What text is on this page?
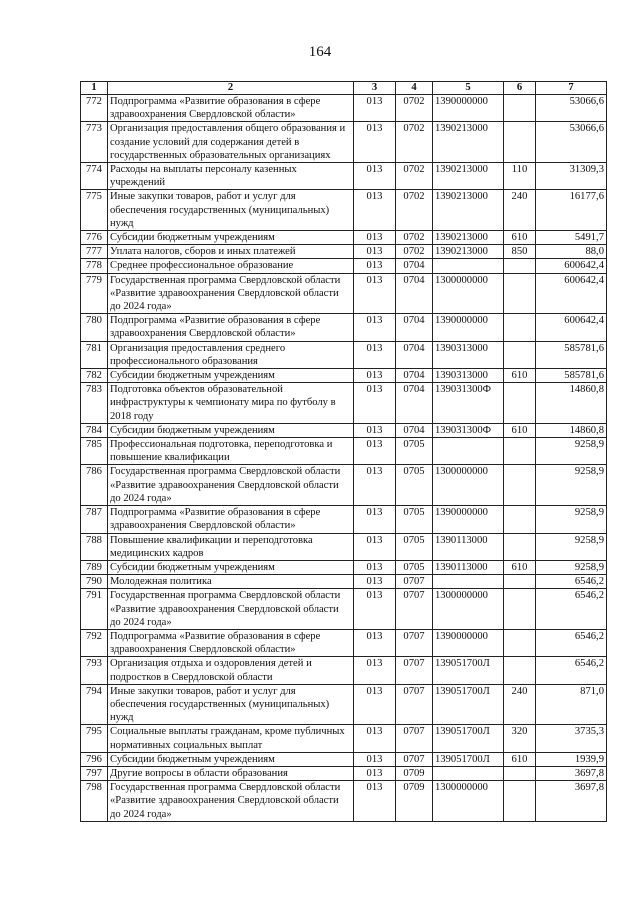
164
1	2	3	4	5	6	7
772	Подпрограмма «Развитие образования в сфере здравоохранения Свердловской области»	013	0702	1390000000		53066,6
773	Организация предоставления общего образования и создание условий для содержания детей в государственных образовательных организациях	013	0702	1390213000		53066,6
774	Расходы на выплаты персоналу казенных учреждений	013	0702	1390213000	110	31309,3
775	Иные закупки товаров, работ и услуг для обеспечения государственных (муниципальных) нужд	013	0702	1390213000	240	16177,6
776	Субсидии бюджетным учреждениям	013	0702	1390213000	610	5491,7
777	Уплата налогов, сборов и иных платежей	013	0702	1390213000	850	88,0
778	Среднее профессиональное образование	013	0704			600642,4
779	Государственная программа Свердловской области «Развитие здравоохранения Свердловской области до 2024 года»	013	0704	1300000000		600642,4
780	Подпрограмма «Развитие образования в сфере здравоохранения Свердловской области»	013	0704	1390000000		600642,4
781	Организация предоставления среднего профессионального образования	013	0704	1390313000		585781,6
782	Субсидии бюджетным учреждениям	013	0704	1390313000	610	585781,6
783	Подготовка объектов образовательной инфраструктуры к чемпионату мира по футболу в 2018 году	013	0704	139031300Ф		14860,8
784	Субсидии бюджетным учреждениям	013	0704	139031300Ф	610	14860,8
785	Профессиональная подготовка, переподготовка и повышение квалификации	013	0705			9258,9
786	Государственная программа Свердловской области «Развитие здравоохранения Свердловской области до 2024 года»	013	0705	1300000000		9258,9
787	Подпрограмма «Развитие образования в сфере здравоохранения Свердловской области»	013	0705	1390000000		9258,9
788	Повышение квалификации и переподготовка медицинских кадров	013	0705	1390113000		9258,9
789	Субсидии бюджетным учреждениям	013	0705	1390113000	610	9258,9
790	Молодежная политика	013	0707			6546,2
791	Государственная программа Свердловской области «Развитие здравоохранения Свердловской области до 2024 года»	013	0707	1300000000		6546,2
792	Подпрограмма «Развитие образования в сфере здравоохранения Свердловской области»	013	0707	1390000000		6546,2
793	Организация отдыха и оздоровления детей и подростков в Свердловской области	013	0707	139051700Л		6546,2
794	Иные закупки товаров, работ и услуг для обеспечения государственных (муниципальных) нужд	013	0707	139051700Л	240	871,0
795	Социальные выплаты гражданам, кроме публичных нормативных социальных выплат	013	0707	139051700Л	320	3735,3
796	Субсидии бюджетным учреждениям	013	0707	139051700Л	610	1939,9
797	Другие вопросы в области образования	013	0709			3697,8
798	Государственная программа Свердловской области «Развитие здравоохранения Свердловской области до 2024 года»	013	0709	1300000000		3697,8
